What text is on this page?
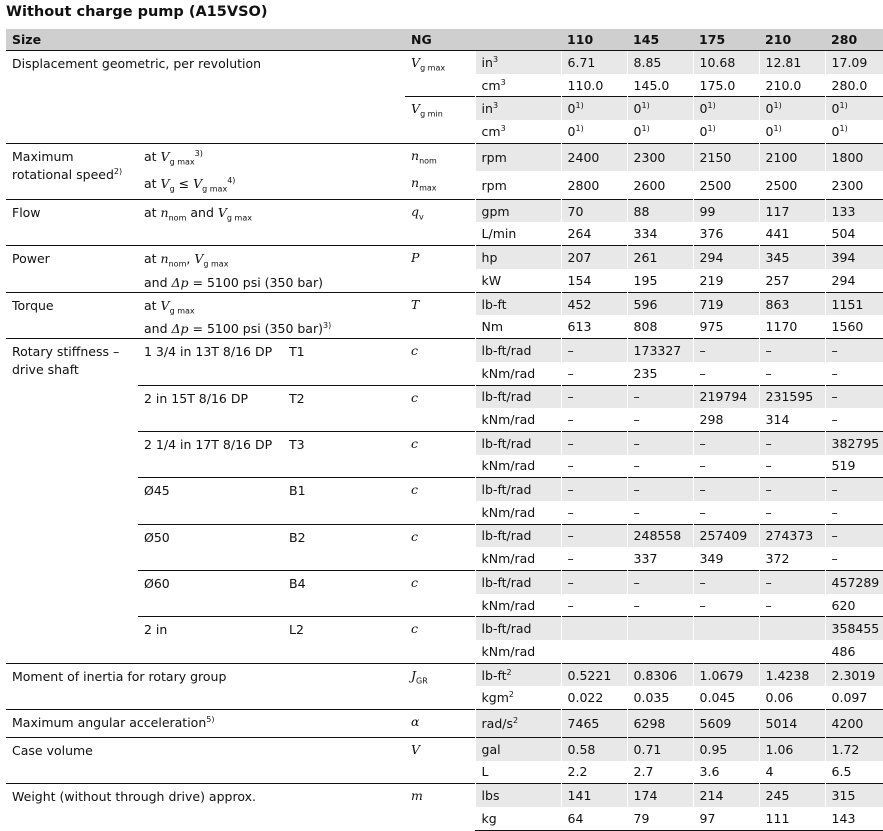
Without charge pump (A15VSO)
Size			NG		110	145	175	210	280
Displacement geometric, per revolution			$V_{g max}$	$in^3$	6.71	8.85	10.68	12.81	17.09
				$cm^3$	110.0	145.0	175.0	210.0	280.0
			$V_{g min}$	$in^3$	0$^{1)}$	0$^{1)}$	0$^{1)}$	0$^{1)}$	0$^{1)}$
				$cm^3$	0$^{1)}$	0$^{1)}$	0$^{1)}$	0$^{1)}$	0$^{1)}$
Maximum
rotational speed$^{2)}$	at $V_{g max}^{3)}$		$n_{nom}$	rpm	2400	2300	2150	2100	1800
	at $V_g \le V_{g max}^{4)}$		$n_{max}$	rpm	2800	2600	2500	2500	2300
Flow	at $n_{nom}$ and $V_{g max}$		$q_v$	gpm	70	88	99	117	133
				L/min	264	334	376	441	504
Power	at $n_{nom}$, $V_{g max}$
and Δp = 5100 psi (350 bar)		P	hp	207	261	294	345	394
				kW	154	195	219	257	294
Torque	at $V_{g max}$
and Δp = 5100 psi (350 bar)$^{3)}$		T	lb-ft	452	596	719	863	1151
				Nm	613	808	975	1170	1560
Rotary stiffness –
drive shaft	1 3/4 in 13T 8/16 DP	T1	c	lb-ft/rad	–	173327	–	–	–
				kNm/rad	–	235	–	–	–
	2 in 15T 8/16 DP	T2	c	lb-ft/rad	–	–	219794	231595	–
				kNm/rad	–	–	298	314	–
	2 1/4 in 17T 8/16 DP	T3	c	lb-ft/rad	–	–	–	–	382795
				kNm/rad	–	–	–	–	519
	Ø45	B1	c	lb-ft/rad	–	–	–	–	–
				kNm/rad	–	–	–	–	–
	Ø50	B2	c	lb-ft/rad	–	248558	257409	274373	–
				kNm/rad	–	337	349	372	–
	Ø60	B4	c	lb-ft/rad	–	–	–	–	457289
				kNm/rad	–	–	–	–	620
	2 in	L2	c	lb-ft/rad					358455
				kNm/rad					486
Moment of inertia for rotary group			$J_{GR}$	$lb-ft^2$	0.5221	0.8306	1.0679	1.4238	2.3019
				kgm$^2$	0.022	0.035	0.045	0.06	0.097
Maximum angular acceleration$^{5)}$			α	rad/$s^2$	7465	6298	5609	5014	4200
Case volume			V	gal	0.58	0.71	0.95	1.06	1.72
				L	2.2	2.7	3.6	4	6.5
Weight (without through drive) approx.			m	lbs	141	174	214	245	315
				kg	64	79	97	111	143
